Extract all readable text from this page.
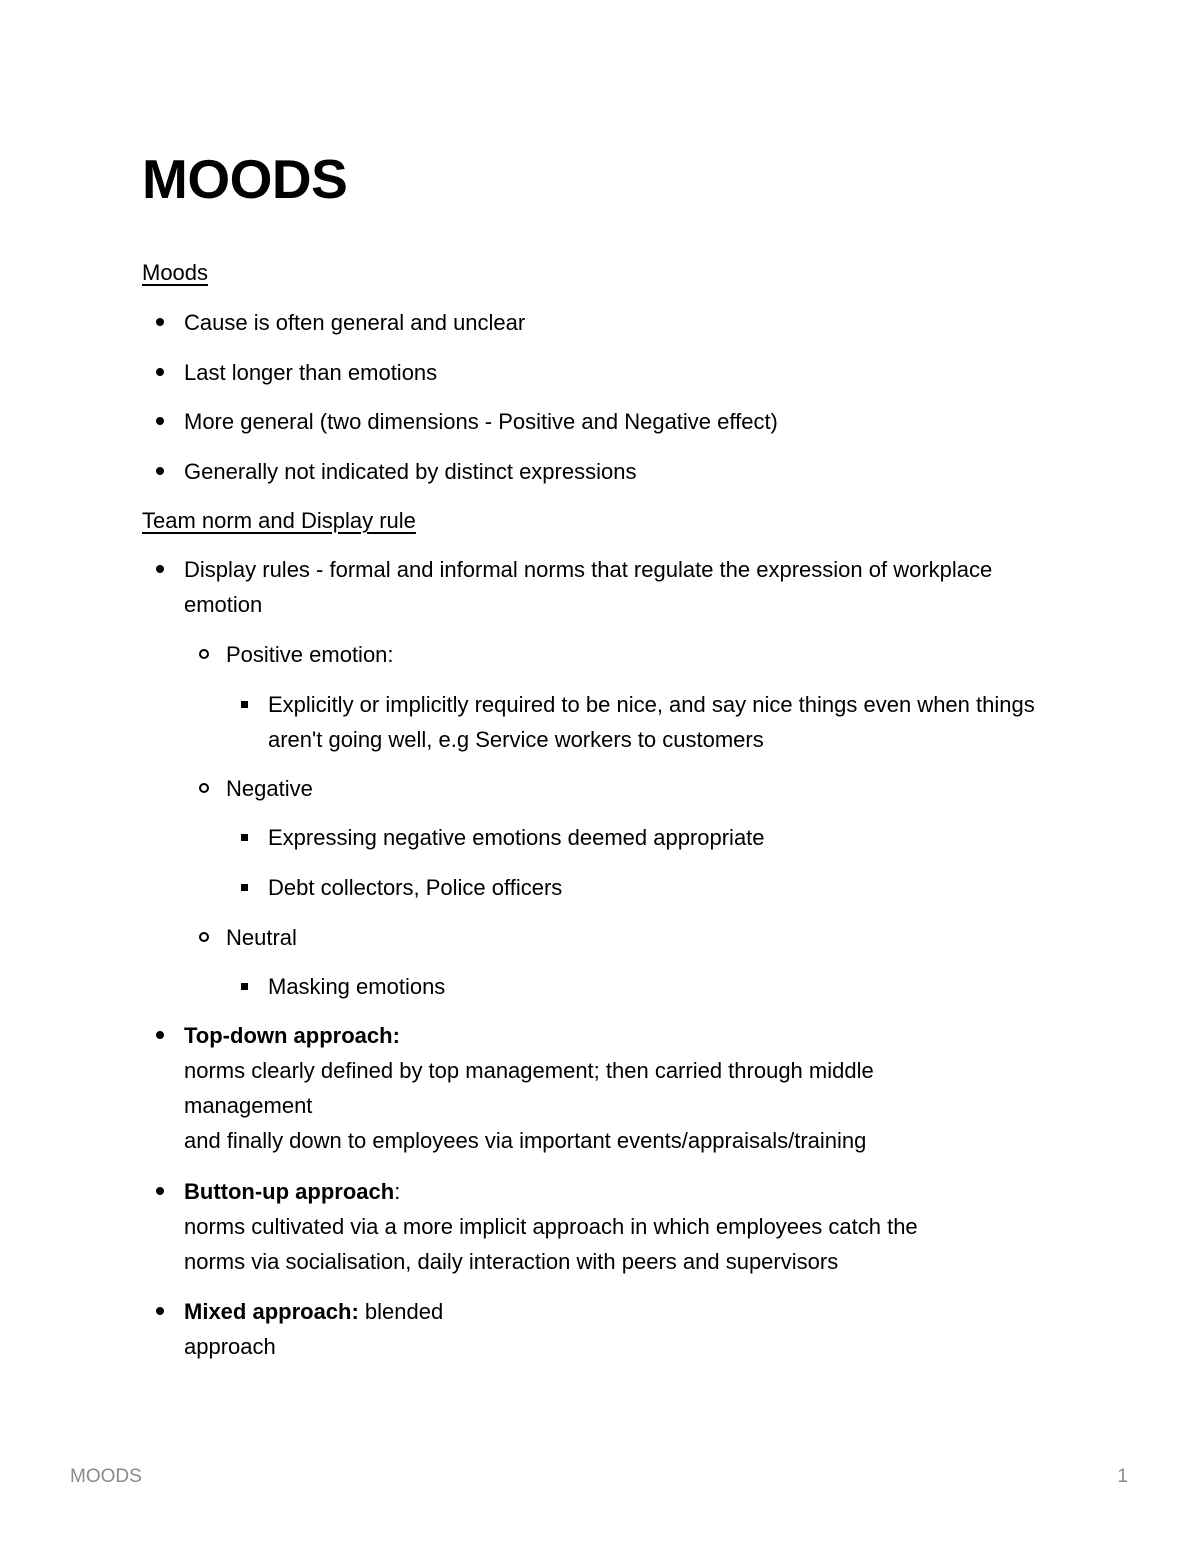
MOODS
Moods
Cause is often general and unclear
Last longer than emotions
More general (two dimensions - Positive and Negative effect)
Generally not indicated by distinct expressions
Team norm and Display rule
Display rules - formal and informal norms that regulate the expression of workplace emotion
Positive emotion:
Explicitly or implicitly required to be nice, and say nice things even when things aren't going well, e.g Service workers to customers
Negative
Expressing negative emotions deemed appropriate
Debt collectors, Police officers
Neutral
Masking emotions
Top-down approach:
norms clearly defined by top management; then carried through middle management
and finally down to employees via important events/appraisals/training
Button-up approach:
norms cultivated via a more implicit approach in which employees catch the norms via socialisation, daily interaction with peers and supervisors
Mixed approach: blended approach
MOODS	1
